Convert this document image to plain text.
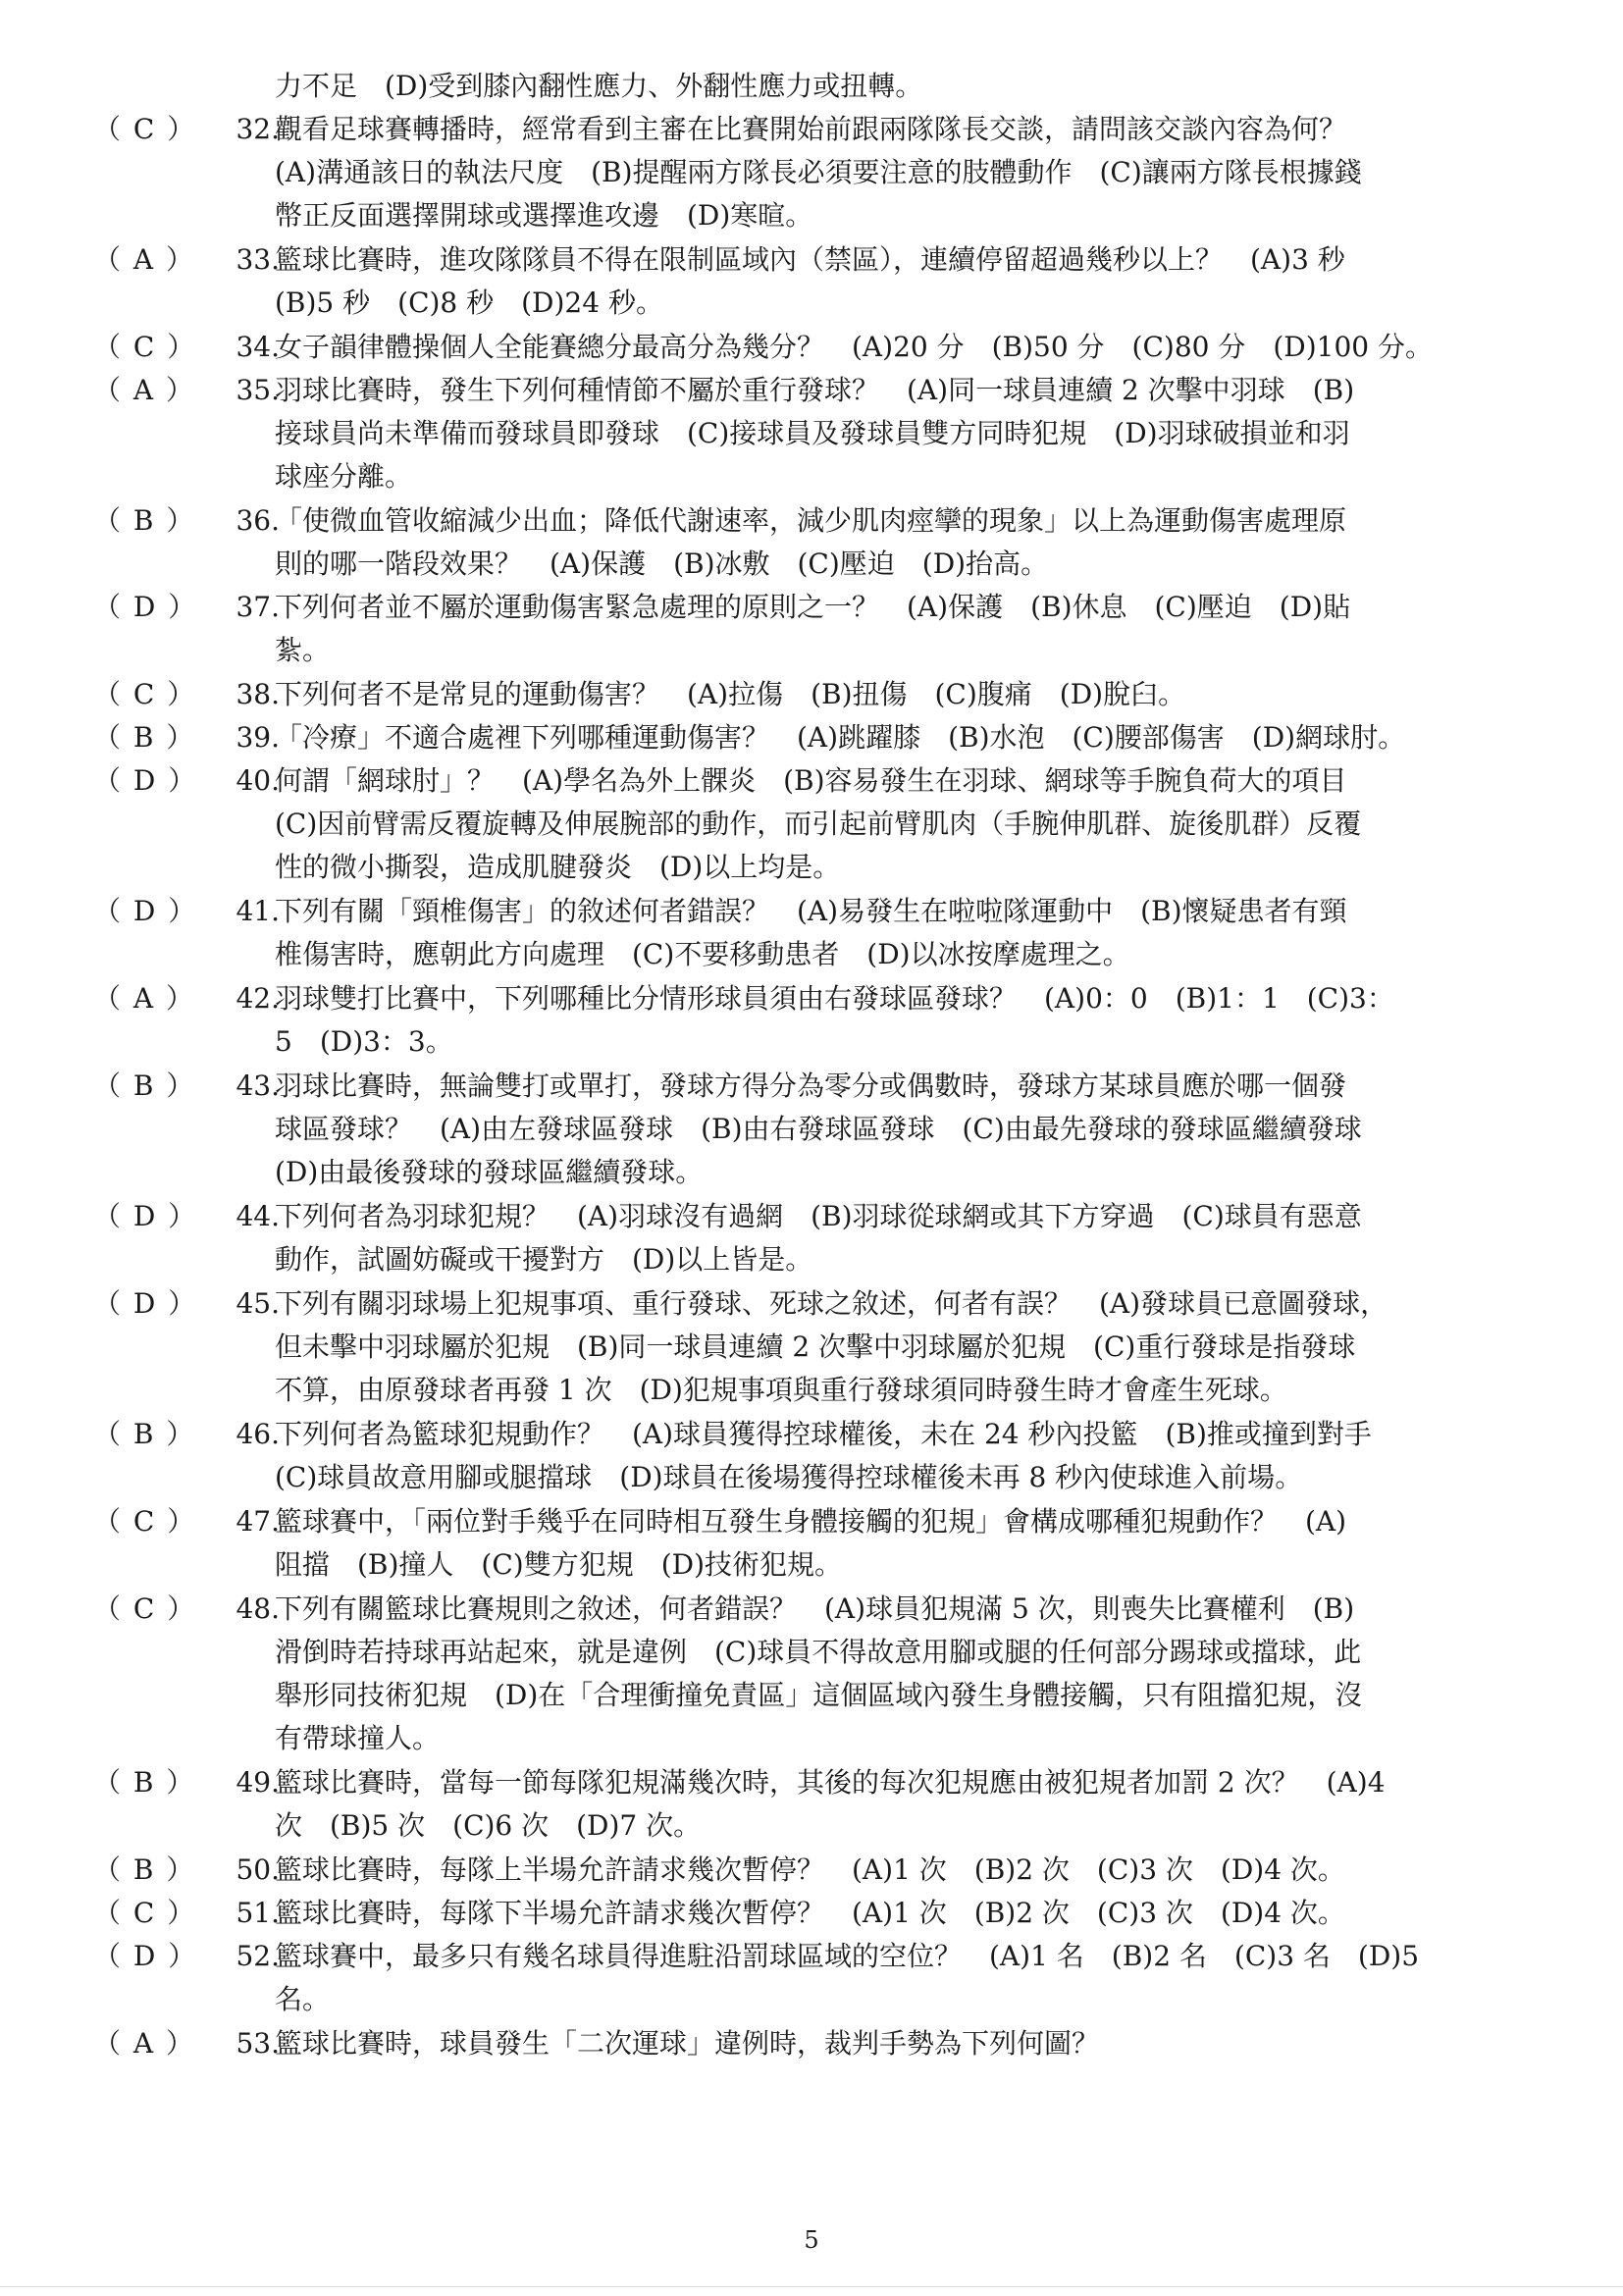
力不足　(D)受到膝內翻性應力、外翻性應力或扭轉。
（ C ） 32.
觀看足球賽轉播時，經常看到主審在比賽開始前跟兩隊隊長交談，請問該交談內容為何？
(A)溝通該日的執法尺度　(B)提醒兩方隊長必須要注意的肢體動作　(C)讓兩方隊長根據錢
幣正反面選擇開球或選擇進攻邊　(D)寒暄。
（ A ） 33.
籃球比賽時，進攻隊隊員不得在限制區域內（禁區），連續停留超過幾秒以上？　(A)3 秒
(B)5 秒　(C)8 秒　(D)24 秒。
（ C ） 34.
女子韻律體操個人全能賽總分最高分為幾分？　(A)20 分　(B)50 分　(C)80 分　(D)100 分。
（ A ） 35.
羽球比賽時，發生下列何種情節不屬於重行發球？　(A)同一球員連續 2 次擊中羽球　(B)
接球員尚未準備而發球員即發球　(C)接球員及發球員雙方同時犯規　(D)羽球破損並和羽
球座分離。
（ B ） 36.
「使微血管收縮減少出血；降低代謝速率，減少肌肉痙攣的現象」以上為運動傷害處理原
則的哪一階段效果？　(A)保護　(B)冰敷　(C)壓迫　(D)抬高。
（ D ） 37.
下列何者並不屬於運動傷害緊急處理的原則之一？　(A)保護　(B)休息　(C)壓迫　(D)貼
紮。
（ C ） 38.
下列何者不是常見的運動傷害？　(A)拉傷　(B)扭傷　(C)腹痛　(D)脫臼。
（ B ） 39.
「冷療」不適合處裡下列哪種運動傷害？　(A)跳躍膝　(B)水泡　(C)腰部傷害　(D)網球肘。
（ D ） 40.
何謂「網球肘」？　(A)學名為外上髁炎　(B)容易發生在羽球、網球等手腕負荷大的項目
(C)因前臂需反覆旋轉及伸展腕部的動作，而引起前臂肌肉（手腕伸肌群、旋後肌群）反覆
性的微小撕裂，造成肌腱發炎　(D)以上均是。
（ D ） 41.
下列有關「頸椎傷害」的敘述何者錯誤？　(A)易發生在啦啦隊運動中　(B)懷疑患者有頸
椎傷害時，應朝此方向處理　(C)不要移動患者　(D)以冰按摩處理之。
（ A ） 42.
羽球雙打比賽中，下列哪種比分情形球員須由右發球區發球？　(A)0：0　(B)1：1　(C)3：
5　(D)3：3。
（ B ） 43.
羽球比賽時，無論雙打或單打，發球方得分為零分或偶數時，發球方某球員應於哪一個發
球區發球？　(A)由左發球區發球　(B)由右發球區發球　(C)由最先發球的發球區繼續發球
(D)由最後發球的發球區繼續發球。
（ D ） 44.
下列何者為羽球犯規？　(A)羽球沒有過網　(B)羽球從球網或其下方穿過　(C)球員有惡意
動作，試圖妨礙或干擾對方　(D)以上皆是。
（ D ） 45.
下列有關羽球場上犯規事項、重行發球、死球之敘述，何者有誤？　(A)發球員已意圖發球，
但未擊中羽球屬於犯規　(B)同一球員連續 2 次擊中羽球屬於犯規　(C)重行發球是指發球
不算，由原發球者再發 1 次　(D)犯規事項與重行發球須同時發生時才會產生死球。
（ B ） 46.
下列何者為籃球犯規動作？　(A)球員獲得控球權後，未在 24 秒內投籃　(B)推或撞到對手
(C)球員故意用腳或腿擋球　(D)球員在後場獲得控球權後未再 8 秒內使球進入前場。
（ C ） 47.
籃球賽中，「兩位對手幾乎在同時相互發生身體接觸的犯規」會構成哪種犯規動作？　(A)
阻擋　(B)撞人　(C)雙方犯規　(D)技術犯規。
（ C ） 48.
下列有關籃球比賽規則之敘述，何者錯誤？　(A)球員犯規滿 5 次，則喪失比賽權利　(B)
滑倒時若持球再站起來，就是違例　(C)球員不得故意用腳或腿的任何部分踢球或擋球，此
舉形同技術犯規　(D)在「合理衝撞免責區」這個區域內發生身體接觸，只有阻擋犯規，沒
有帶球撞人。
（ B ） 49.
籃球比賽時，當每一節每隊犯規滿幾次時，其後的每次犯規應由被犯規者加罰 2 次？　(A)4
次　(B)5 次　(C)6 次　(D)7 次。
（ B ） 50.
籃球比賽時，每隊上半場允許請求幾次暫停？　(A)1 次　(B)2 次　(C)3 次　(D)4 次。
（ C ） 51.
籃球比賽時，每隊下半場允許請求幾次暫停？　(A)1 次　(B)2 次　(C)3 次　(D)4 次。
（ D ） 52.
籃球賽中，最多只有幾名球員得進駐沿罰球區域的空位？　(A)1 名　(B)2 名　(C)3 名　(D)5
名。
（ A ） 53.
籃球比賽時，球員發生「二次運球」違例時，裁判手勢為下列何圖？
5
